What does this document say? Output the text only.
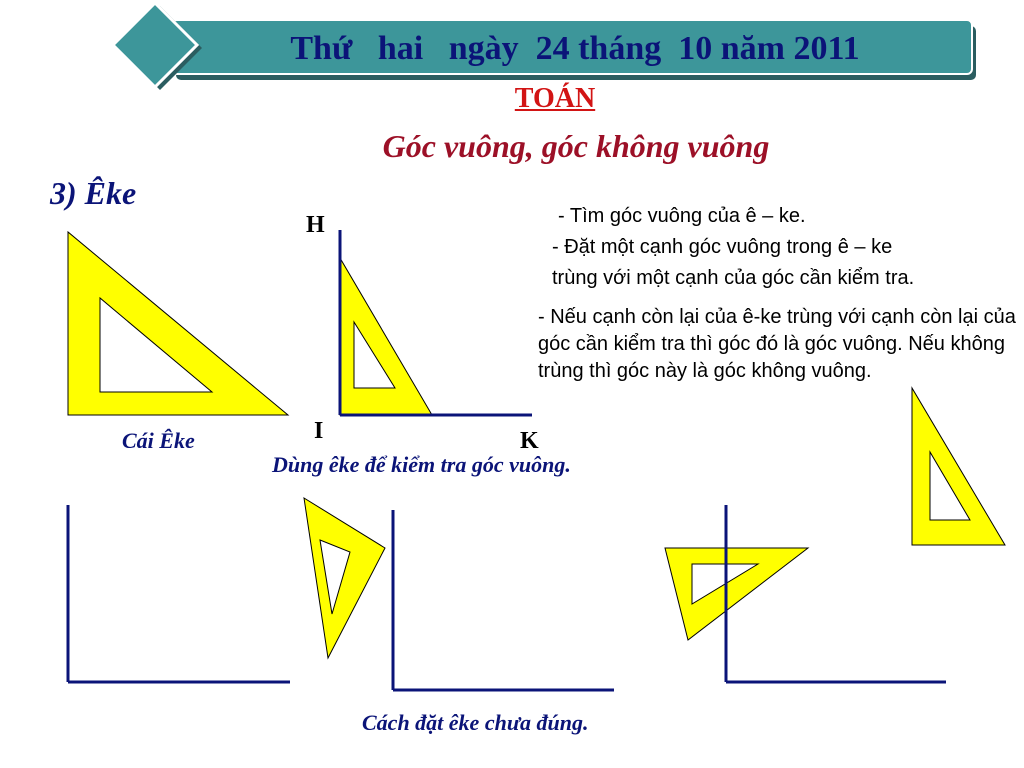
Thứ   hai   ngày  24 tháng  10 năm 2011
TOÁN
Góc vuông, góc không vuông
3) Êke
H
I	K
Cái Êke
Dùng êke để kiểm tra góc vuông.
Cách đặt êke chưa đúng.
- Tìm góc vuông của ê – ke.
- Đặt một cạnh góc vuông trong ê – ke
trùng với một cạnh của góc cần kiểm tra.
- Nếu cạnh còn lại của ê-ke trùng với cạnh còn lại của góc cần kiểm tra thì góc đó là góc vuông. Nếu không trùng thì góc này là góc không vuông.
